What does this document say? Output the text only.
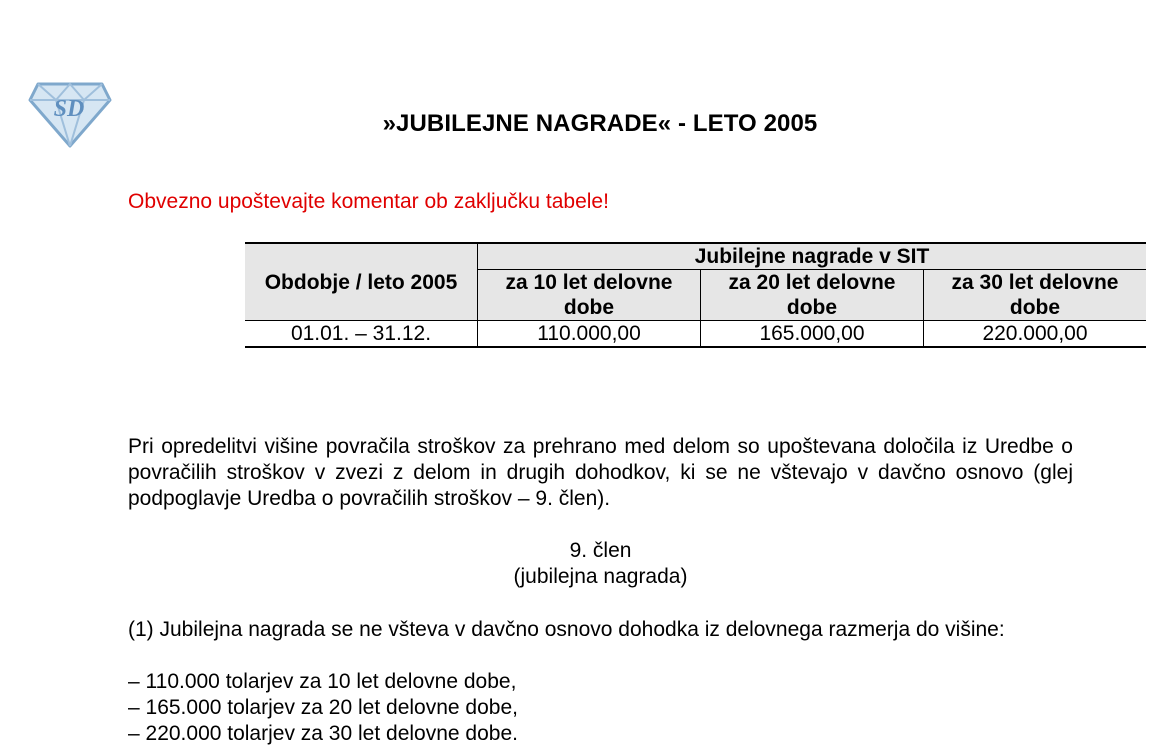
SD
»JUBILEJNE NAGRADE« - LETO 2005
Obvezno upoštevajte komentar ob zaključku tabele!
Obdobje / leto 2005	Jubilejne nagrade v SIT		
	za 10 let delovne dobe	za 20 let delovne dobe	za 30 let delovne dobe
01.01. – 31.12.	110.000,00	165.000,00	220.000,00
Pri opredelitvi višine povračila stroškov za prehrano med delom so upoštevana določila iz Uredbe o povračilih stroškov v zvezi z delom in drugih dohodkov, ki se ne vštevajo v davčno osnovo (glej podpoglavje Uredba o povračilih stroškov – 9. člen).
9. člen
(jubilejna nagrada)
(1) Jubilejna nagrada se ne všteva v davčno osnovo dohodka iz delovnega razmerja do višine:
– 110.000 tolarjev za 10 let delovne dobe,
– 165.000 tolarjev za 20 let delovne dobe,
– 220.000 tolarjev za 30 let delovne dobe.
